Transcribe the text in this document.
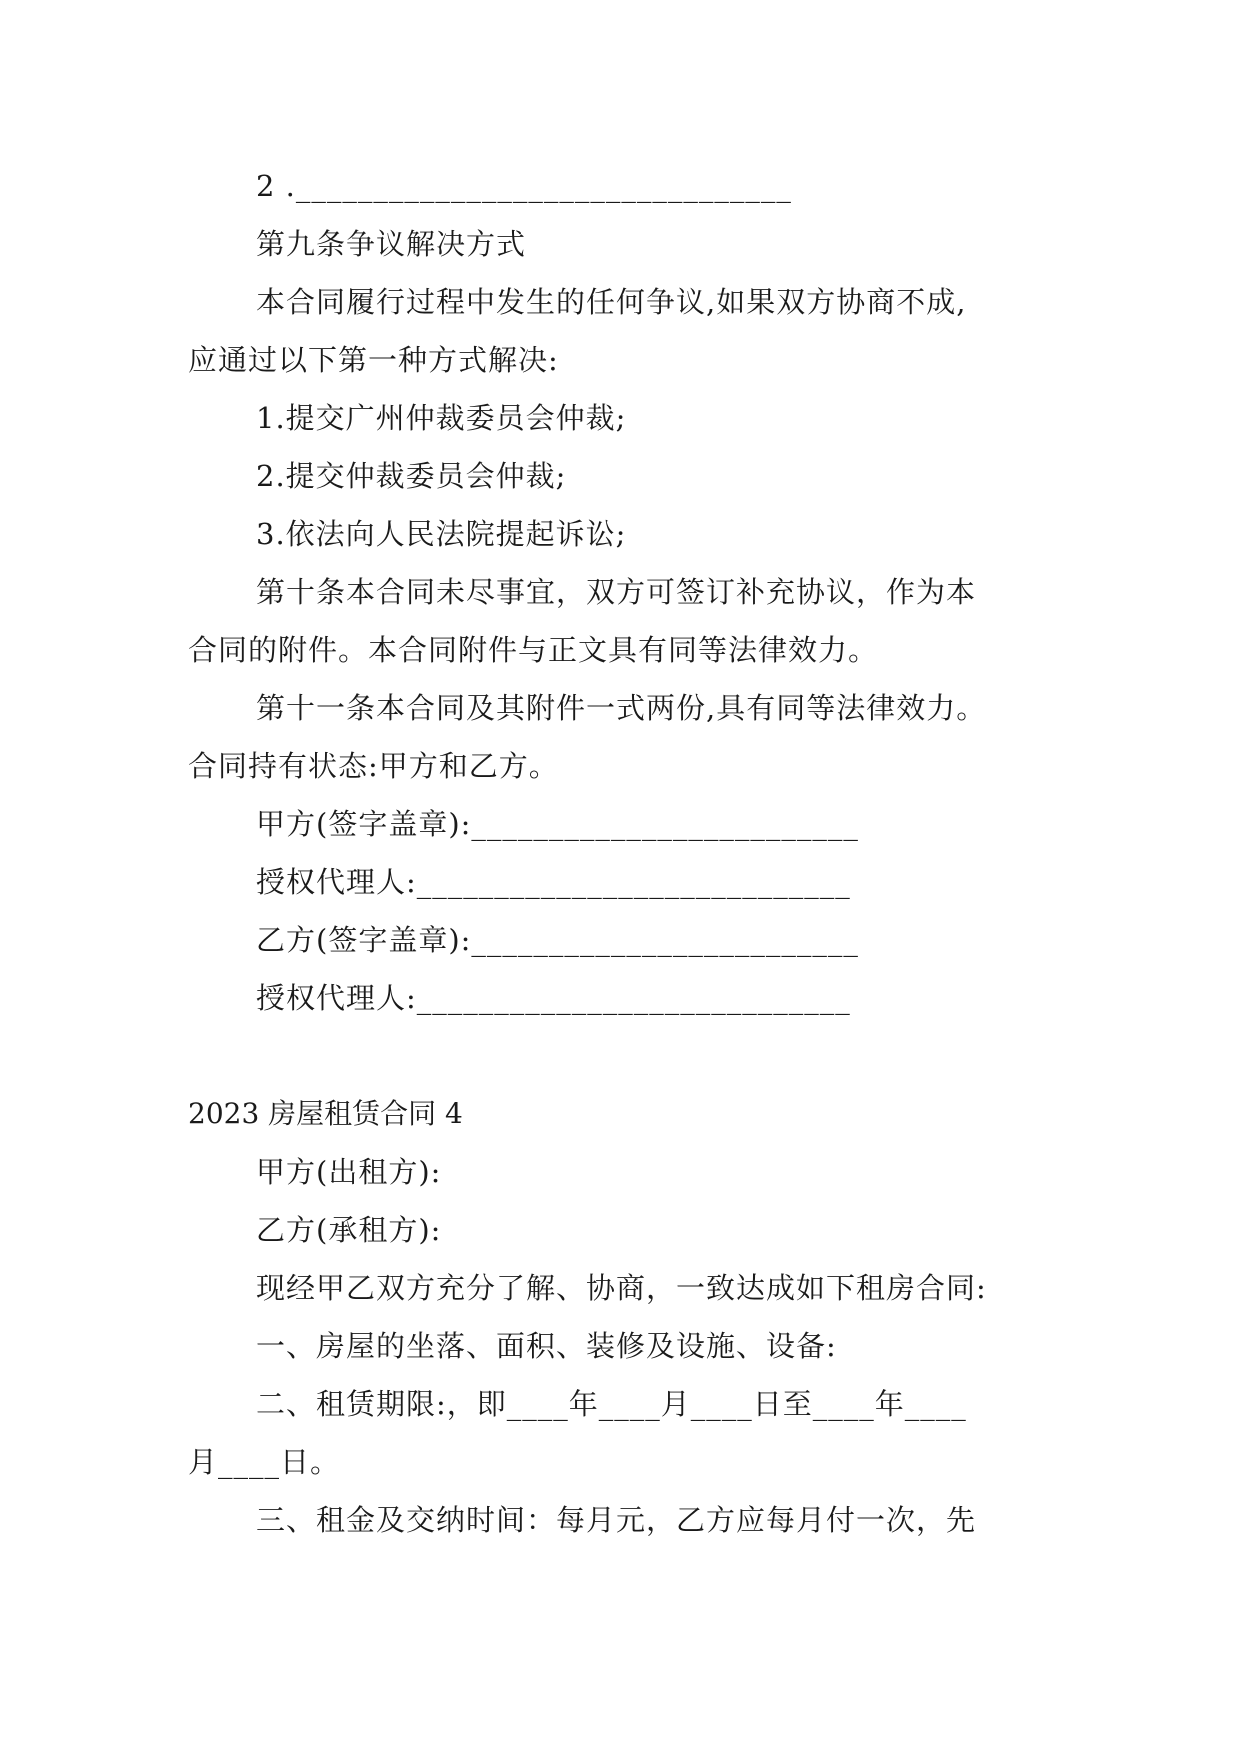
2 .________________________________
第九条争议解决方式
本合同履行过程中发生的任何争议,如果双方协商不成,
应通过以下第一种方式解决:
1.提交广州仲裁委员会仲裁;
2.提交仲裁委员会仲裁;
3.依法向人民法院提起诉讼;
第十条本合同未尽事宜，双方可签订补充协议，作为本
合同的附件。本合同附件与正文具有同等法律效力。
第十一条本合同及其附件一式两份,具有同等法律效力。
合同持有状态:甲方和乙方。
甲方(签字盖章):_________________________
授权代理人:____________________________
乙方(签字盖章):_________________________
授权代理人:____________________________
2023 房屋租赁合同 4
甲方(出租方):
乙方(承租方):
现经甲乙双方充分了解、协商，一致达成如下租房合同:
一、房屋的坐落、面积、装修及设施、设备:
二、租赁期限:，即____年____月____日至____年____
月____日。
三、租金及交纳时间：每月元，乙方应每月付一次，先
